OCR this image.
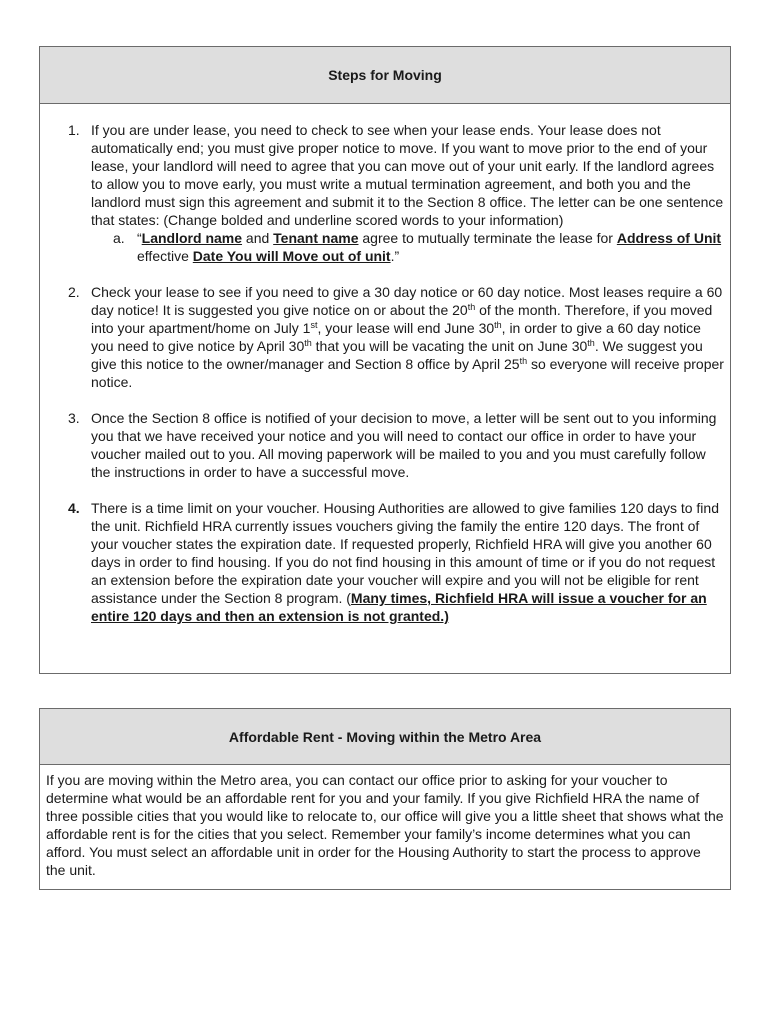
Steps for Moving
1. If you are under lease, you need to check to see when your lease ends. Your lease does not automatically end; you must give proper notice to move. If you want to move prior to the end of your lease, your landlord will need to agree that you can move out of your unit early. If the landlord agrees to allow you to move early, you must write a mutual termination agreement, and both you and the landlord must sign this agreement and submit it to the Section 8 office. The letter can be one sentence that states: (Change bolded and underline scored words to your information)
a. “Landlord name and Tenant name agree to mutually terminate the lease for Address of Unit effective Date You will Move out of unit.”
2. Check your lease to see if you need to give a 30 day notice or 60 day notice. Most leases require a 60 day notice! It is suggested you give notice on or about the 20th of the month. Therefore, if you moved into your apartment/home on July 1st, your lease will end June 30th, in order to give a 60 day notice you need to give notice by April 30th that you will be vacating the unit on June 30th. We suggest you give this notice to the owner/manager and Section 8 office by April 25th so everyone will receive proper notice.
3. Once the Section 8 office is notified of your decision to move, a letter will be sent out to you informing you that we have received your notice and you will need to contact our office in order to have your voucher mailed out to you. All moving paperwork will be mailed to you and you must carefully follow the instructions in order to have a successful move.
4. There is a time limit on your voucher. Housing Authorities are allowed to give families 120 days to find the unit. Richfield HRA currently issues vouchers giving the family the entire 120 days. The front of your voucher states the expiration date. If requested properly, Richfield HRA will give you another 60 days in order to find housing. If you do not find housing in this amount of time or if you do not request an extension before the expiration date your voucher will expire and you will not be eligible for rent assistance under the Section 8 program. (Many times, Richfield HRA will issue a voucher for an entire 120 days and then an extension is not granted.)
Affordable Rent - Moving within the Metro Area
If you are moving within the Metro area, you can contact our office prior to asking for your voucher to determine what would be an affordable rent for you and your family. If you give Richfield HRA the name of three possible cities that you would like to relocate to, our office will give you a little sheet that shows what the affordable rent is for the cities that you select. Remember your family’s income determines what you can afford. You must select an affordable unit in order for the Housing Authority to start the process to approve the unit.
